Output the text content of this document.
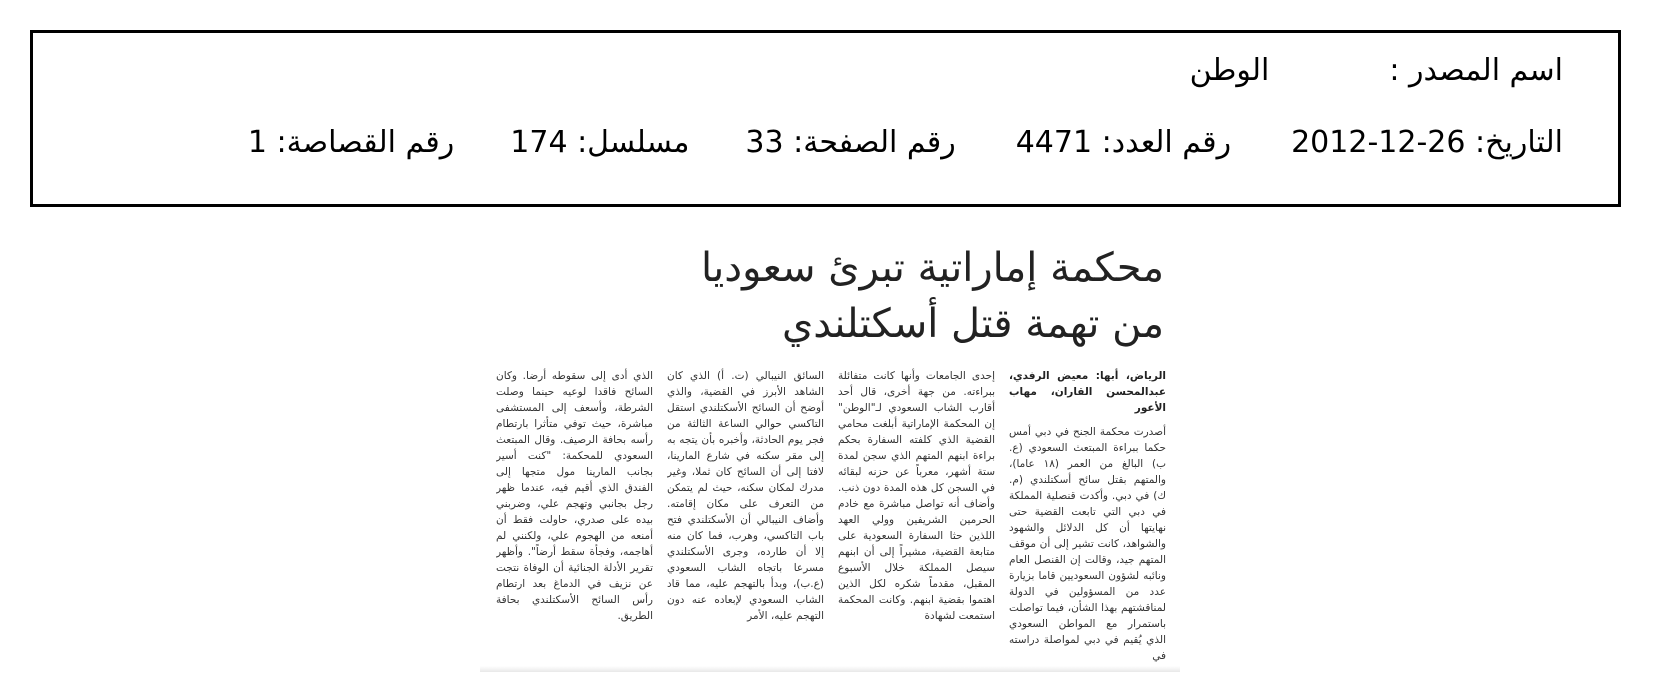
اسم المصدر :الوطن
التاريخ: 26-12-2012رقم العدد: 4471رقم الصفحة: 33مسلسل: 174رقم القصاصة: 1

محكمة إماراتية تبرئ سعوديا

من تهمة قتل أسكتلندي

الرياض، أبها: معيض الرفدي، عبدالمحسن القاران، مهاب الأعور
أصدرت محكمة الجنح في دبي أمس حكما ببراءة المبتعث السعودي (ع. ب) البالغ من العمر (١٨ عاما)، والمتهم بقتل سائح أسكتلندي (م. ك) في دبي. وأكدت قنصلية المملكة في دبي التي تابعت القضية حتى نهايتها أن كل الدلائل والشهود والشواهد، كانت تشير إلى أن موقف المتهم جيد، وقالت إن القنصل العام ونائبه لشؤون السعوديين قاما بزيارة عدد من المسؤولين في الدولة لمناقشتهم بهذا الشأن، فيما تواصلت باستمرار مع المواطن السعودي الذي يُقيم في دبي لمواصلة دراسته في
إحدى الجامعات وأنها كانت متفائلة ببراءته. من جهة أخرى، قال أحد أقارب الشاب السعودي لـ"الوطن" إن المحكمة الإماراتية أبلغت محامي القضية الذي كلفته السفارة بحكم براءة ابنهم المتهم الذي سجن لمدة ستة أشهر، معرباً عن حزنه لبقائه في السجن كل هذه المدة دون ذنب. وأضاف أنه تواصل مباشرة مع خادم الحرمين الشريفين وولي العهد اللذين حثا السفارة السعودية على متابعة القضية، مشيراً إلى أن ابنهم سيصل المملكة خلال الأسبوع المقبل، مقدماً شكره لكل الذين اهتموا بقضية ابنهم. وكانت المحكمة استمعت لشهادة
السائق النيبالي (ت. أ) الذي كان الشاهد الأبرز في القضية، والذي أوضح أن السائح الأسكتلندي استقل التاكسي حوالي الساعة الثالثة من فجر يوم الحادثة، وأخبره بأن يتجه به إلى مقر سكنه في شارع المارينا، لافتا إلى أن السائح كان ثملا، وغير مدرك لمكان سكنه، حيث لم يتمكن من التعرف على مكان إقامته. وأضاف النيبالي أن الأسكتلندي فتح باب التاكسي، وهرب، فما كان منه إلا أن طارده، وجرى الأسكتلندي مسرعا باتجاه الشاب السعودي (ع.ب)، وبدأ بالتهجم عليه، مما قاد الشاب السعودي لإبعاده عنه دون التهجم عليه، الأمر
الذي أدى إلى سقوطه أرضا. وكان السائح فاقدا لوعيه حينما وصلت الشرطة، وأسعف إلى المستشفى مباشرة، حيث توفي متأثرا بارتطام رأسه بحافة الرصيف. وقال المبتعث السعودي للمحكمة: "كنت أسير بجانب المارينا مول متجها إلى الفندق الذي أقيم فيه، عندما ظهر رجل بجانبي وتهجم علي، وضربني بيده على صدري، حاولت فقط أن أمنعه من الهجوم علي، ولكنني لم أهاجمه، وفجأة سقط أرضاً". وأظهر تقرير الأدلة الجنائية أن الوفاة نتجت عن نزيف في الدماغ بعد ارتطام رأس السائح الأسكتلندي بحافة الطريق.
